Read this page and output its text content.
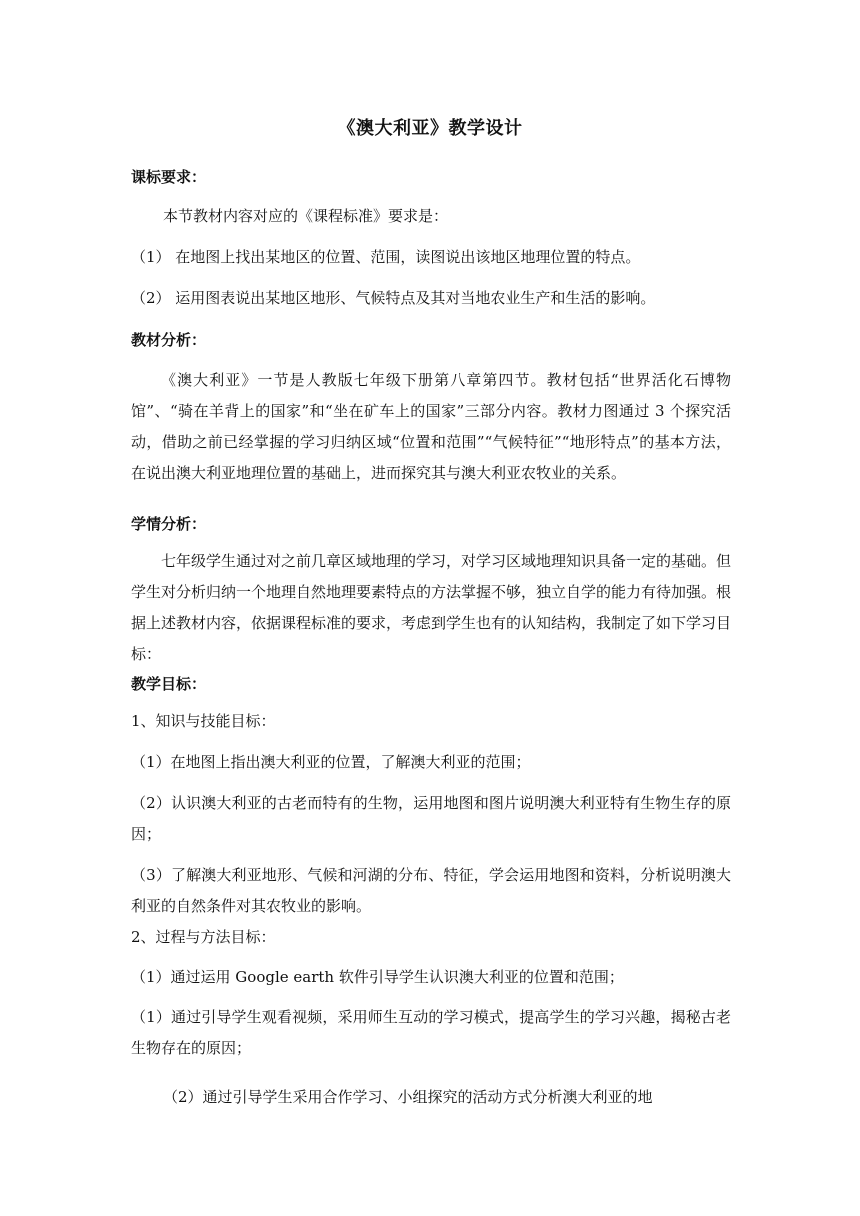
《澳大利亚》教学设计
课标要求：
本节教材内容对应的《课程标准》要求是：
（1） 在地图上找出某地区的位置、范围，读图说出该地区地理位置的特点。
（2） 运用图表说出某地区地形、气候特点及其对当地农业生产和生活的影响。
教材分析：
《澳大利亚》一节是人教版七年级下册第八章第四节。教材包括“世界活化石博物馆”、“骑在羊背上的国家”和“坐在矿车上的国家”三部分内容。教材力图通过 3 个探究活动，借助之前已经掌握的学习归纳区域“位置和范围”“气候特征”“地形特点”的基本方法，在说出澳大利亚地理位置的基础上，进而探究其与澳大利亚农牧业的关系。
学情分析：
七年级学生通过对之前几章区域地理的学习，对学习区域地理知识具备一定的基础。但学生对分析归纳一个地理自然地理要素特点的方法掌握不够，独立自学的能力有待加强。根据上述教材内容，依据课程标准的要求，考虑到学生也有的认知结构，我制定了如下学习目标：
教学目标：
1、知识与技能目标：
（1）在地图上指出澳大利亚的位置，了解澳大利亚的范围；
（2）认识澳大利亚的古老而特有的生物，运用地图和图片说明澳大利亚特有生物生存的原因；
（3）了解澳大利亚地形、气候和河湖的分布、特征，学会运用地图和资料，分析说明澳大利亚的自然条件对其农牧业的影响。
2、过程与方法目标：
（1）通过运用 Google earth 软件引导学生认识澳大利亚的位置和范围；
（1）通过引导学生观看视频，采用师生互动的学习模式，提高学生的学习兴趣，揭秘古老生物存在的原因；
（2）通过引导学生采用合作学习、小组探究的活动方式分析澳大利亚的地
